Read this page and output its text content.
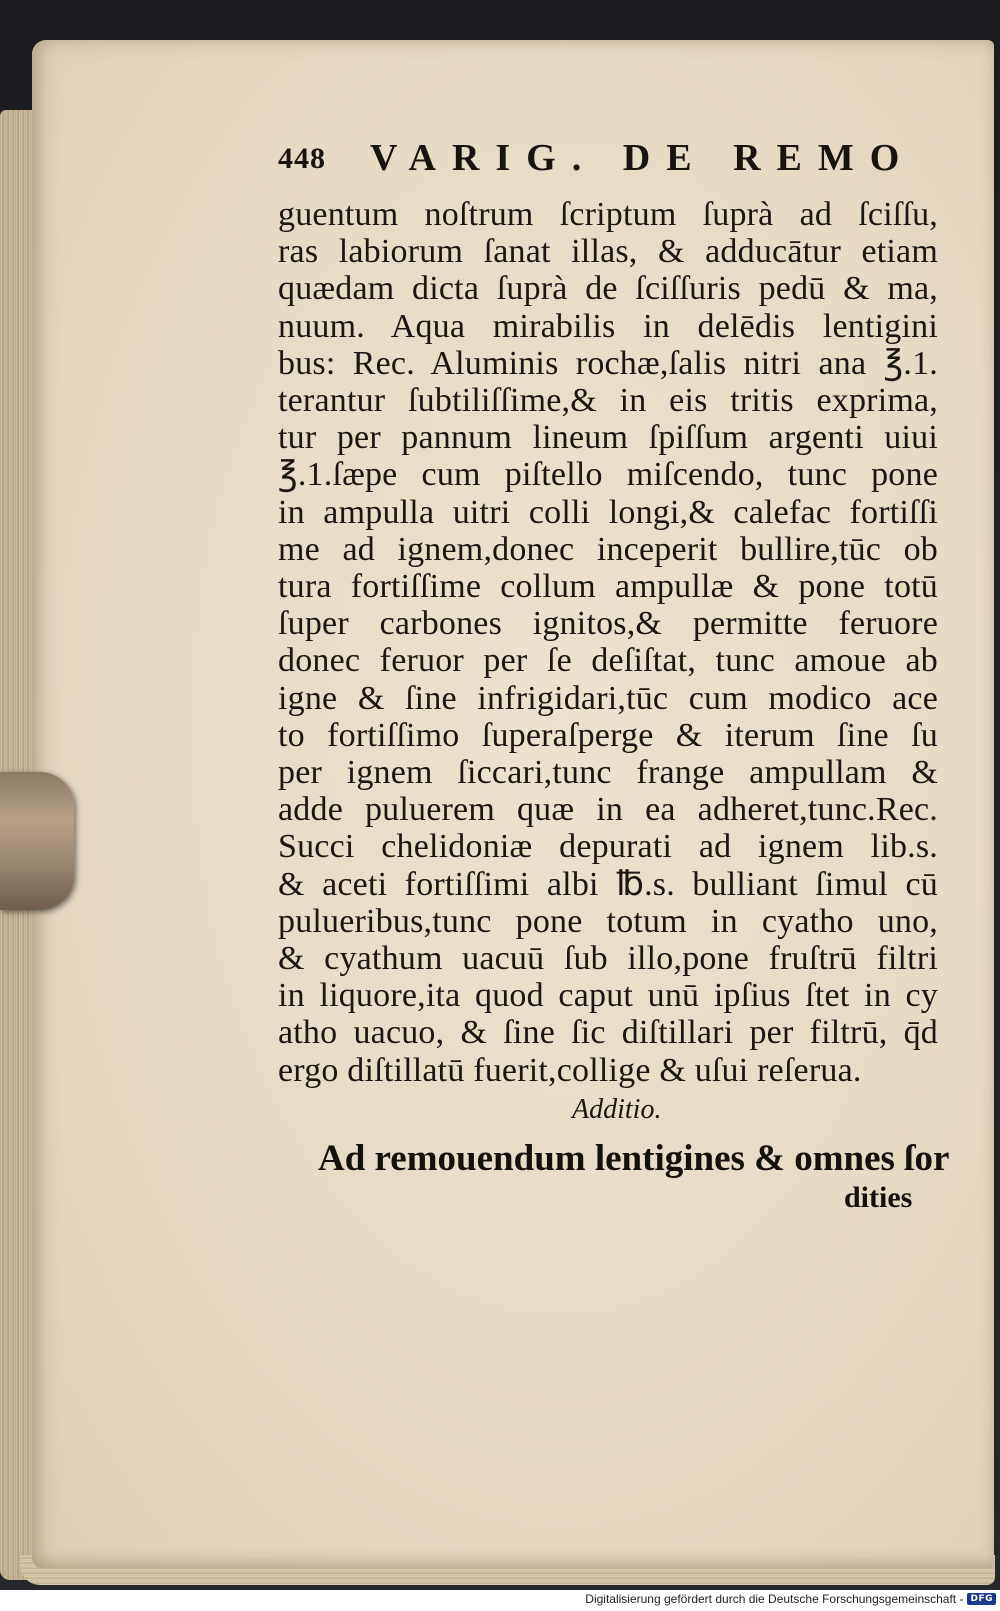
448 VARIG. DE REMO
guentum noſtrum ſcriptum ſuprà ad ſciſſu,
ras labiorum ſanat illas, & adducātur etiam
quædam dicta ſuprà de ſciſſuris pedū & ma,
nuum. Aqua mirabilis in delēdis lentigini
bus: Rec. Aluminis rochæ,ſalis nitri ana ℥.1.
terantur ſubtiliſſime,& in eis tritis exprima,
tur per pannum lineum ſpiſſum argenti uiui
℥.1.ſæpe cum piſtello miſcendo, tunc pone
in ampulla uitri colli longi,& calefac fortiſſi
me ad ignem,donec inceperit bullire,tūc ob
tura fortiſſime collum ampullæ & pone totū
ſuper carbones ignitos,& permitte feruore
donec feruor per ſe deſiſtat, tunc amoue ab
igne & ſine infrigidari,tūc cum modico ace
to fortiſſimo ſuperaſperge & iterum ſine ſu
per ignem ſiccari,tunc frange ampullam &
adde puluerem quæ in ea adheret,tunc.Rec.
Succi chelidoniæ depurati ad ignem lib.s.
& aceti fortiſſimi albi ℔.s. bulliant ſimul cū
pulueribus,tunc pone totum in cyatho uno,
& cyathum uacuū ſub illo,pone fruſtrū filtri
in liquore,ita quod caput unū ipſius ſtet in cy
atho uacuo, & ſine ſic diſtillari per filtrū, q̄d
ergo diſtillatū fuerit,collige & uſui reſerua.
Additio.
Ad remouendum lentigines & omnes ſor
dities
Digitalisierung gefördert durch die Deutsche Forschungsgemeinschaft - DFG
